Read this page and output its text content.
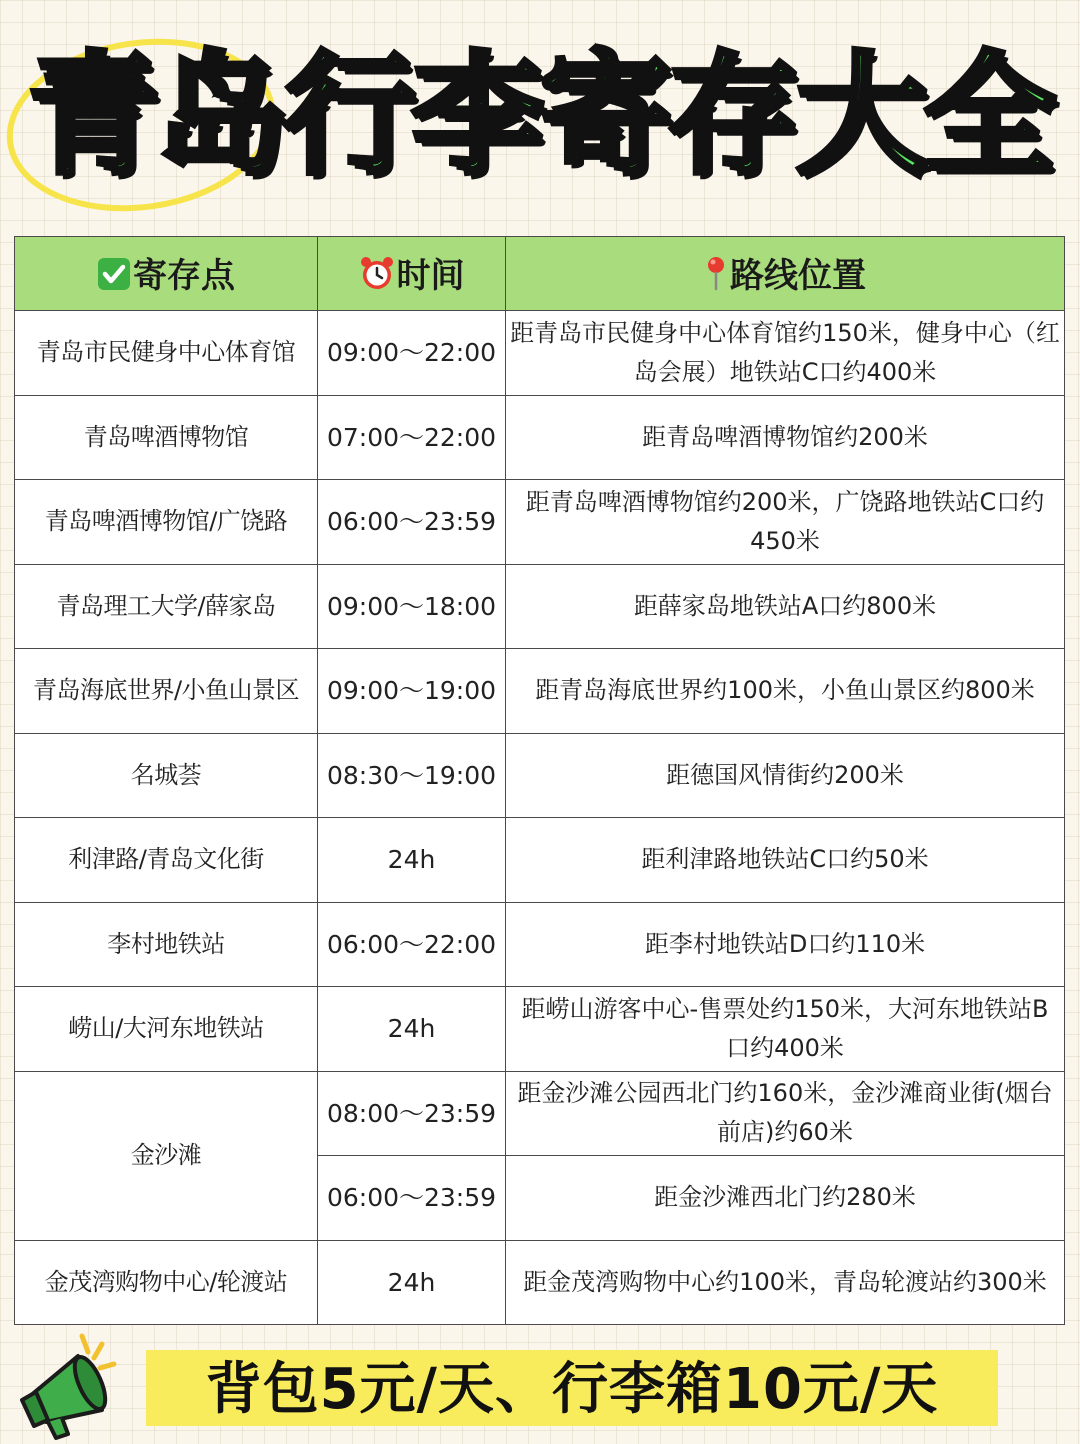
青岛行李寄存大全
寄存点	时间	路线位置
青岛市民健身中心体育馆	09:00～22:00	距青岛市民健身中心体育馆约150米，健身中心（红岛会展）地铁站C口约400米
青岛啤酒博物馆	07:00～22:00	距青岛啤酒博物馆约200米
青岛啤酒博物馆/广饶路	06:00～23:59	距青岛啤酒博物馆约200米，广饶路地铁站C口约450米
青岛理工大学/薛家岛	09:00～18:00	距薛家岛地铁站A口约800米
青岛海底世界/小鱼山景区	09:00～19:00	距青岛海底世界约100米，小鱼山景区约800米
名城荟	08:30～19:00	距德国风情街约200米
利津路/青岛文化街	24h	距利津路地铁站C口约50米
李村地铁站	06:00～22:00	距李村地铁站D口约110米
崂山/大河东地铁站	24h	距崂山游客中心-售票处约150米，大河东地铁站B口约400米
金沙滩	08:00～23:59	距金沙滩公园西北门约160米，金沙滩商业街(烟台前店)约60米
	06:00～23:59	距金沙滩西北门约280米
金茂湾购物中心/轮渡站	24h	距金茂湾购物中心约100米，青岛轮渡站约300米
背包5元/天、行李箱10元/天
